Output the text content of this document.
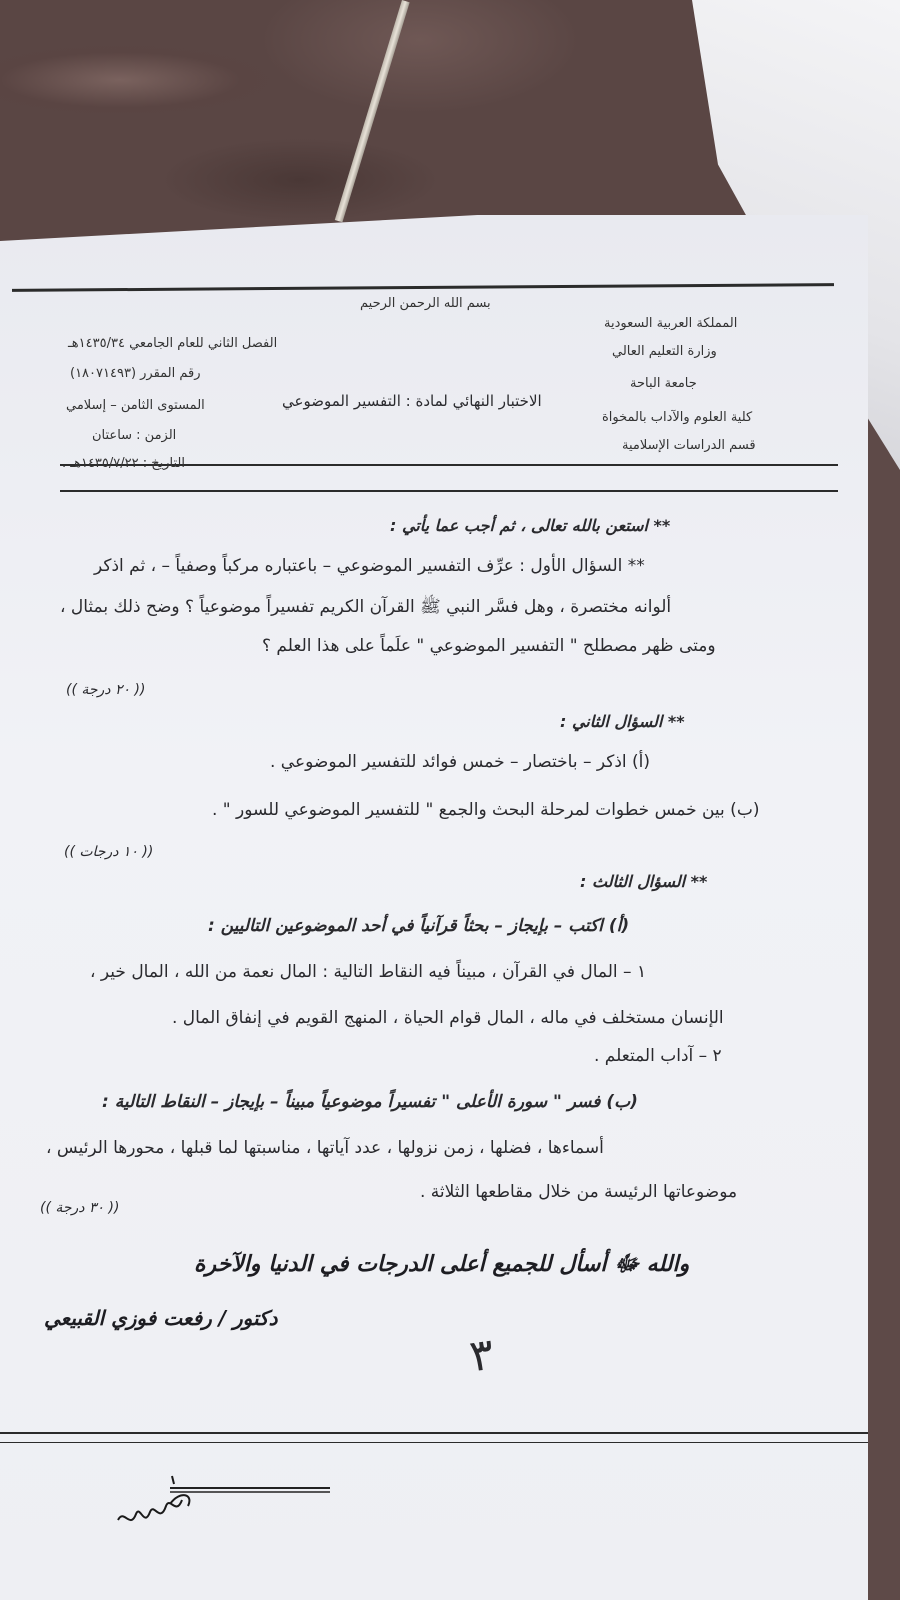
بسم الله الرحمن الرحيم
المملكة العربية السعودية
وزارة التعليم العالي
جامعة الباحة
كلية العلوم والآداب بالمخواة
قسم الدراسات الإسلامية
الاختبار النهائي لمادة : التفسير الموضوعي
الفصل الثاني للعام الجامعي ١٤٣٥/٣٤هـ
رقم المقرر (١٨٠٧١٤٩٣)
المستوى الثامن – إسلامي
الزمن : ساعتان
التاريخ : ١٤٣٥/٧/٢٢هـ .
** استعن بالله تعالى ، ثم أجب عما يأتي :
** السؤال الأول : عرِّف التفسير الموضوعي – باعتباره مركباً وصفياً – ، ثم اذكر
ألوانه مختصرة ، وهل فسَّر النبي ﷺ القرآن الكريم تفسيراً موضوعياً ؟ وضح ذلك بمثال ،
ومتى ظهر مصطلح " التفسير الموضوعي " علَماً على هذا العلم ؟
(( ٢٠ درجة ))
** السؤال الثاني :
(أ) اذكر – باختصار – خمس فوائد للتفسير الموضوعي .
(ب) بين خمس خطوات لمرحلة البحث والجمع " للتفسير الموضوعي للسور " .
(( ١٠ درجات ))
** السؤال الثالث :
(أ) اكتب – بإيجاز – بحثاً قرآنياً في أحد الموضوعين التاليين :
١ – المال في القرآن ، مبيناً فيه النقاط التالية : المال نعمة من الله ، المال خير ،
الإنسان مستخلف في ماله ، المال قوام الحياة ، المنهج القويم في إنفاق المال .
٢ – آداب المتعلم .
(ب) فسر " سورة الأعلى " تفسيراً موضوعياً مبيناً – بإيجاز – النقاط التالية :
أسماءها ، فضلها ، زمن نزولها ، عدد آياتها ، مناسبتها لما قبلها ، محورها الرئيس ،
موضوعاتها الرئيسة من خلال مقاطعها الثلاثة .
(( ٣٠ درجة ))
والله ﷻ أسأل للجميع أعلى الدرجات في الدنيا والآخرة
دكتور / رفعت فوزي القبيعي
٣
